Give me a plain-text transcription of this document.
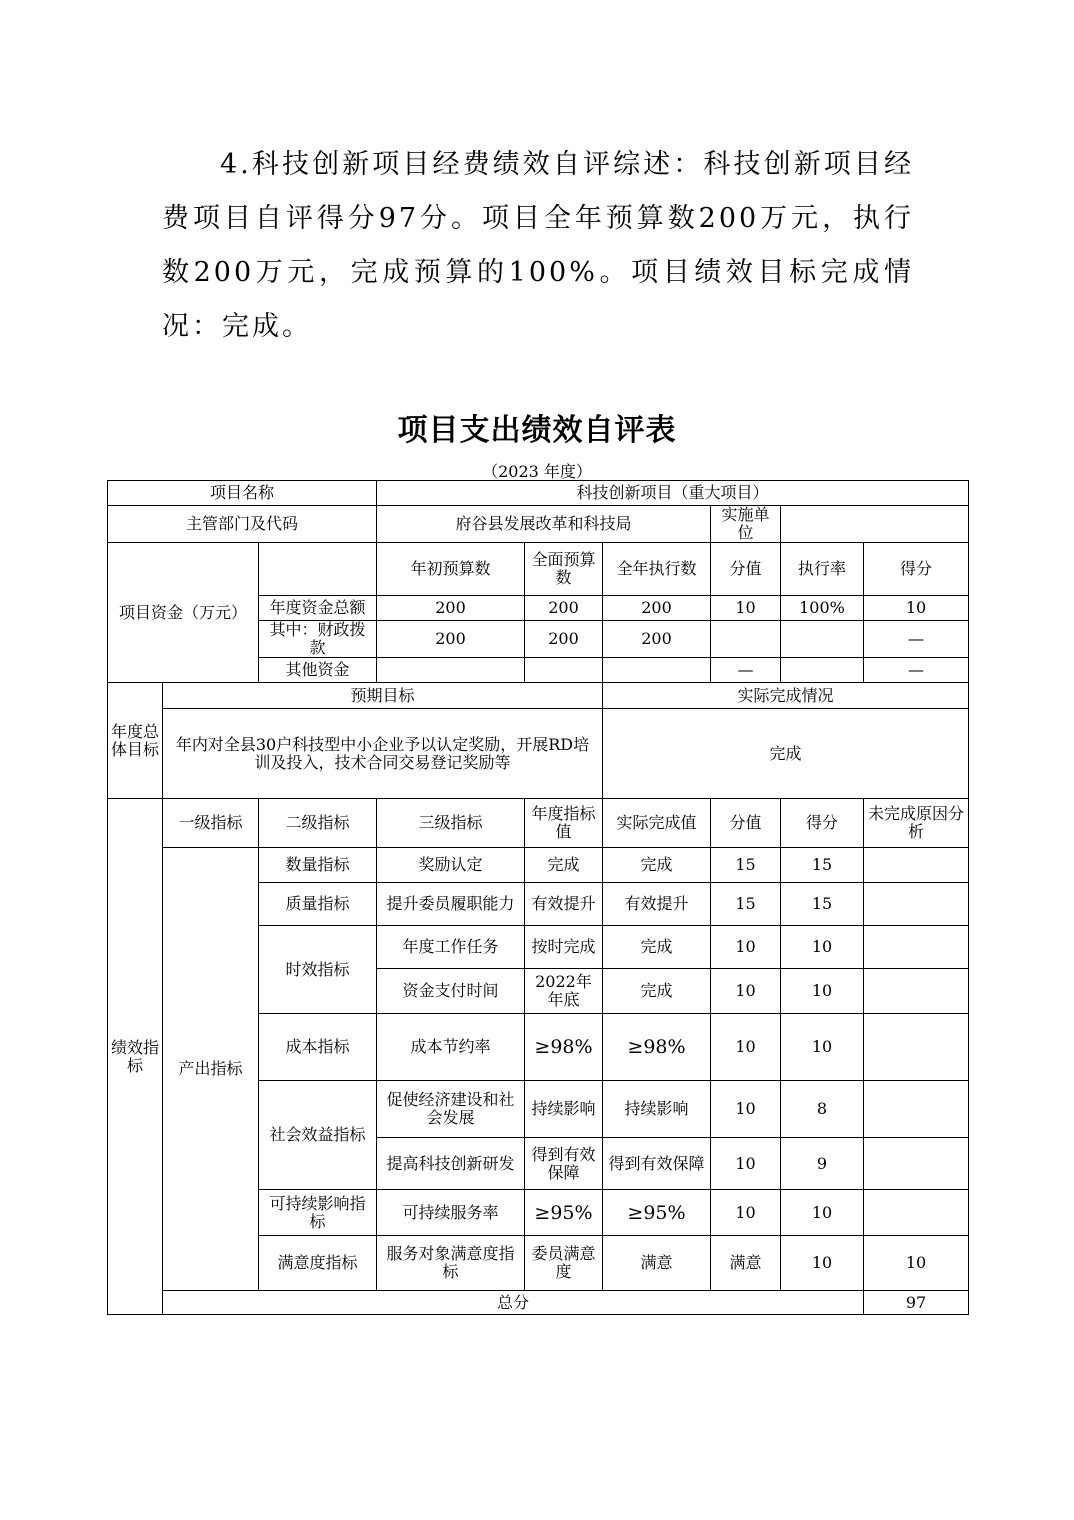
4.科技创新项目经费绩效自评综述：科技创新项目经费项目自评得分97分。项目全年预算数200万元，执行数200万元，完成预算的100%。项目绩效目标完成情况：完成。

项目支出绩效自评表
（2023 年度）
项目名称			科技创新项目（重大项目）						
主管部门及代码			府谷县发展改革和科技局			实施单位			
项目资金（万元）			年初预算数	全面预算数	全年执行数	分值	执行率	得分	
		年度资金总额	200	200	200	10	100%	10	
		其中：财政拨款	200	200	200			—	
		其他资金				—		—	
年度总体目标	预期目标				实际完成情况				
	年内对全县30户科技型中小企业予以认定奖励，开展RD培训及投入，技术合同交易登记奖励等				完成				
绩效指标	一级指标	二级指标	三级指标	年度指标值	实际完成值	分值	得分	未完成原因分析	
	产出指标	数量指标	奖励认定	完成	完成	15	15		
		质量指标	提升委员履职能力	有效提升	有效提升	15	15		
		时效指标	年度工作任务	按时完成	完成	10	10		
			资金支付时间	2022年年底	完成	10	10		
		成本指标	成本节约率	≥98%	≥98%	10	10		
		社会效益指标	促使经济建设和社会发展	持续影响	持续影响	10	8		
			提高科技创新研发	得到有效保障	得到有效保障	10	9		
		可持续影响指标	可持续服务率	≥95%	≥95%	10	10		
		满意度指标	服务对象满意度指标	委员满意度	满意	满意	10	10	
	总分							97	
